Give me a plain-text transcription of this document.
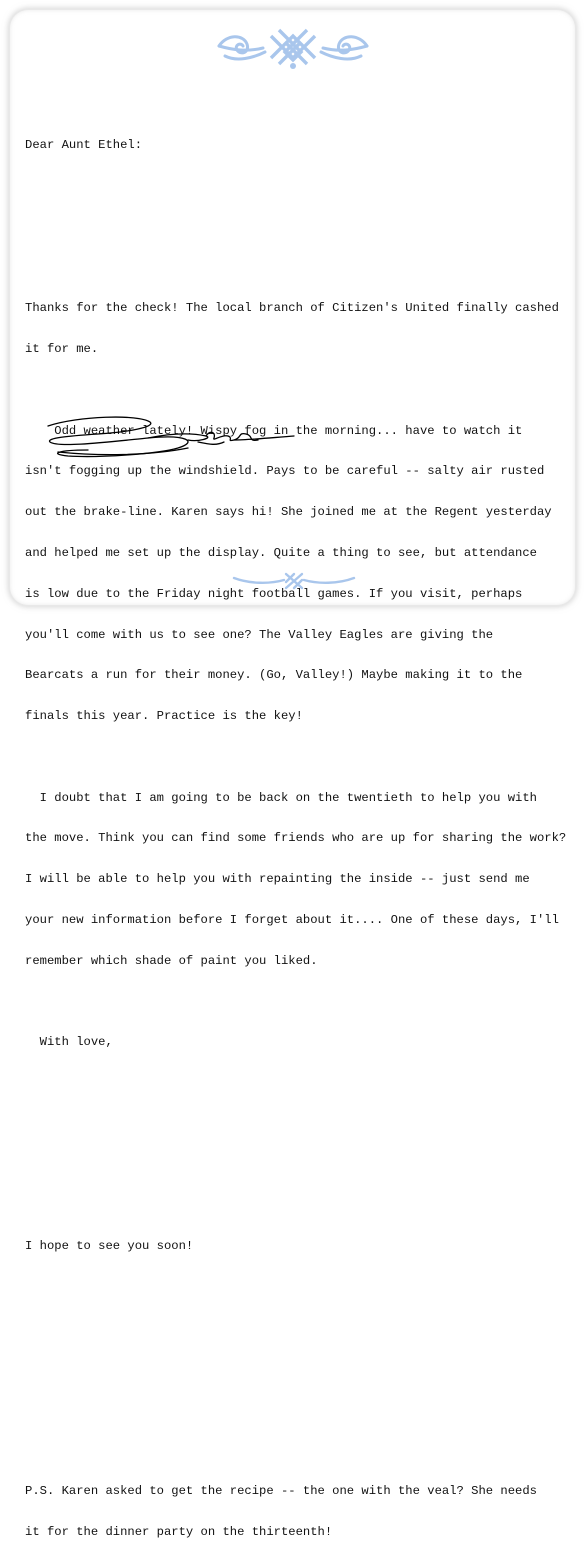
Dear Aunt Ethel:

Thanks for the check! The local branch of Citizen's United finally cashed

it for me.

Odd weather lately! Wispy fog in the morning... have to watch it

isn't fogging up the windshield. Pays to be careful -- salty air rusted

out the brake-line. Karen says hi! She joined me at the Regent yesterday

and helped me set up the display. Quite a thing to see, but attendance

is low due to the Friday night football games. If you visit, perhaps

you'll come with us to see one? The Valley Eagles are giving the

Bearcats a run for their money. (Go, Valley!) Maybe making it to the

finals this year. Practice is the key!

I doubt that I am going to be back on the twentieth to help you with

the move. Think you can find some friends who are up for sharing the work?

I will be able to help you with repainting the inside -- just send me

your new information before I forget about it.... One of these days, I'll

remember which shade of paint you liked.

With love,

I hope to see you soon!

P.S. Karen asked to get the recipe -- the one with the veal? She needs

it for the dinner party on the thirteenth!
